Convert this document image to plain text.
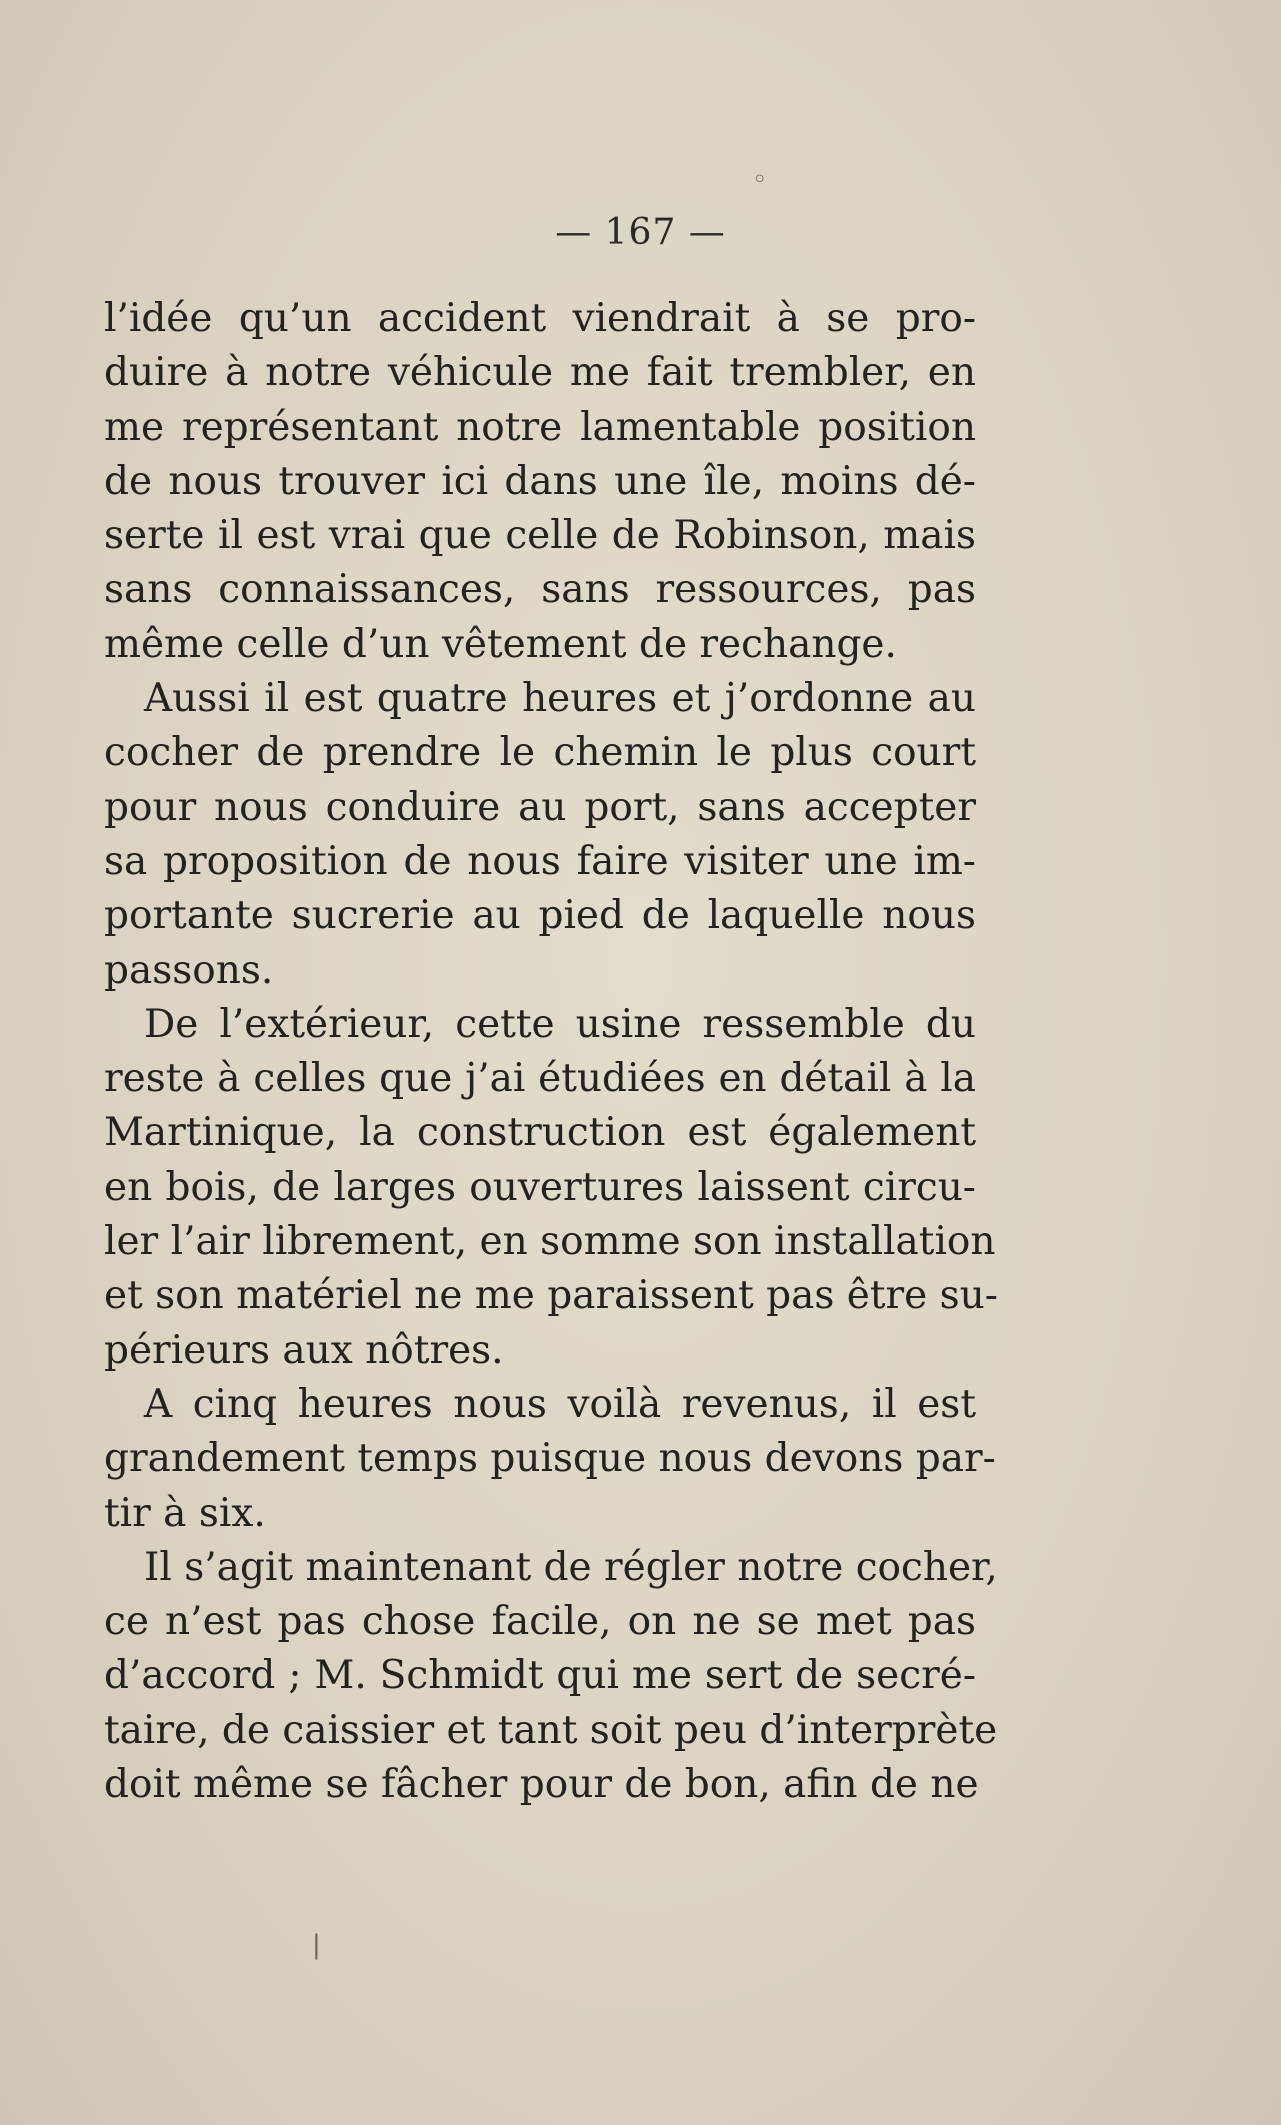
— 167 —
l’idée qu’un accident viendrait à se pro-
duire à notre véhicule me fait trembler, en
me représentant notre lamentable position
de nous trouver ici dans une île, moins dé-
serte il est vrai que celle de Robinson, mais
sans connaissances, sans ressources, pas
même celle d’un vêtement de rechange.
Aussi il est quatre heures et j’ordonne au
cocher de prendre le chemin le plus court
pour nous conduire au port, sans accepter
sa proposition de nous faire visiter une im-
portante sucrerie au pied de laquelle nous
passons.
De l’extérieur, cette usine ressemble du
reste à celles que j’ai étudiées en détail à la
Martinique, la construction est également
en bois, de larges ouvertures laissent circu-
ler l’air librement, en somme son installation
et son matériel ne me paraissent pas être su-
périeurs aux nôtres.
A cinq heures nous voilà revenus, il est
grandement temps puisque nous devons par-
tir à six.
Il s’agit maintenant de régler notre cocher,
ce n’est pas chose facile, on ne se met pas
d’accord ; M. Schmidt qui me sert de secré-
taire, de caissier et tant soit peu d’interprète
doit même se fâcher pour de bon, afin de ne
◦
|
